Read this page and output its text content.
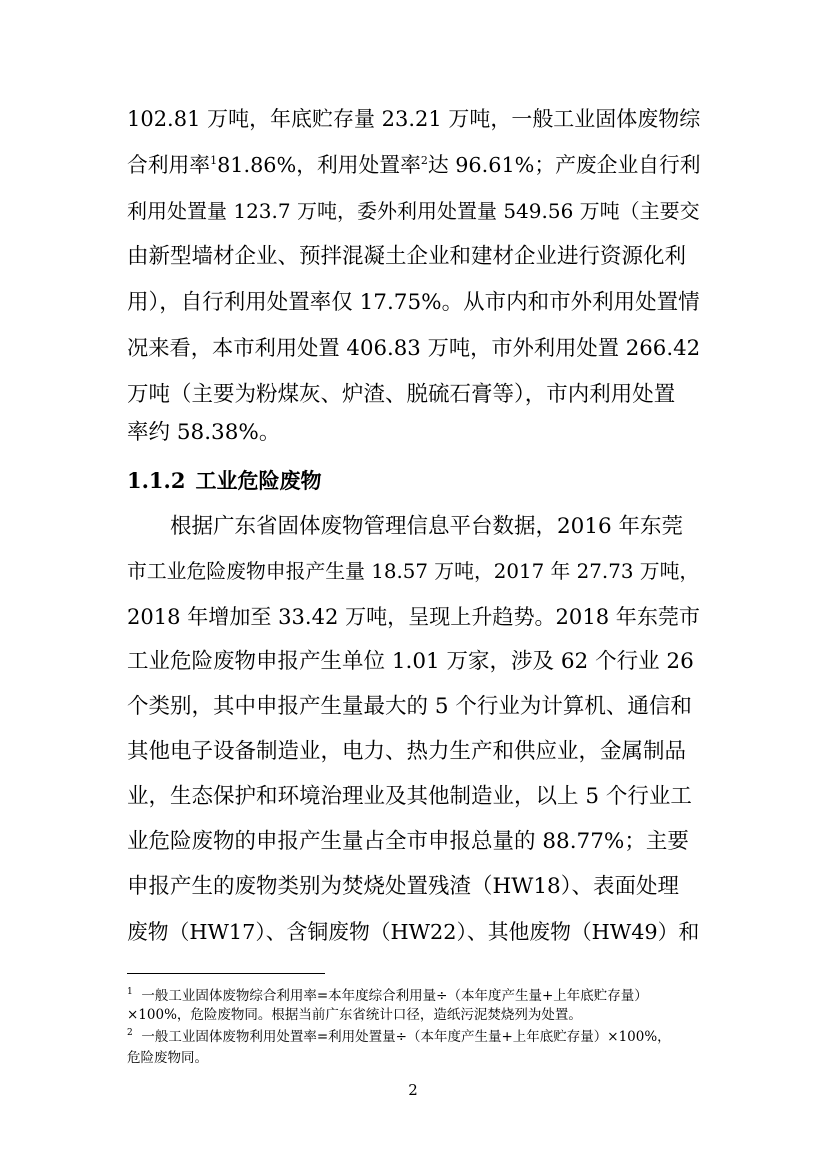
102.81 万吨，年底贮存量 23.21 万吨，一般工业固体废物综
合利用率$^1$81.86%，利用处置率$^2$达 96.61%；产废企业自行利
利用处置量 123.7 万吨，委外利用处置量 549.56 万吨（主要交
由新型墙材企业、预拌混凝土企业和建材企业进行资源化利
用），自行利用处置率仅 17.75%。从市内和市外利用处置情
况来看，本市利用处置 406.83 万吨，市外利用处置 266.42
万吨（主要为粉煤灰、炉渣、脱硫石膏等），市内利用处置
率约 58.38%。
1.1.2 工业危险废物
根据广东省固体废物管理信息平台数据，2016 年东莞
市工业危险废物申报产生量 18.57 万吨，2017 年 27.73 万吨，
2018 年增加至 33.42 万吨，呈现上升趋势。2018 年东莞市
工业危险废物申报产生单位 1.01 万家，涉及 62 个行业 26
个类别，其中申报产生量最大的 5 个行业为计算机、通信和
其他电子设备制造业，电力、热力生产和供应业，金属制品
业，生态保护和环境治理业及其他制造业，以上 5 个行业工
业危险废物的申报产生量占全市申报总量的 88.77%；主要
申报产生的废物类别为焚烧处置残渣（HW18）、表面处理
废物（HW17）、含铜废物（HW22）、其他废物（HW49）和
$^1$ 一般工业固体废物综合利用率=本年度综合利用量÷（本年度产生量+上年底贮存量）
×100%，危险废物同。根据当前广东省统计口径，造纸污泥焚烧列为处置。
$^2$ 一般工业固体废物利用处置率=利用处置量÷（本年度产生量+上年底贮存量）×100%，
危险废物同。
2
